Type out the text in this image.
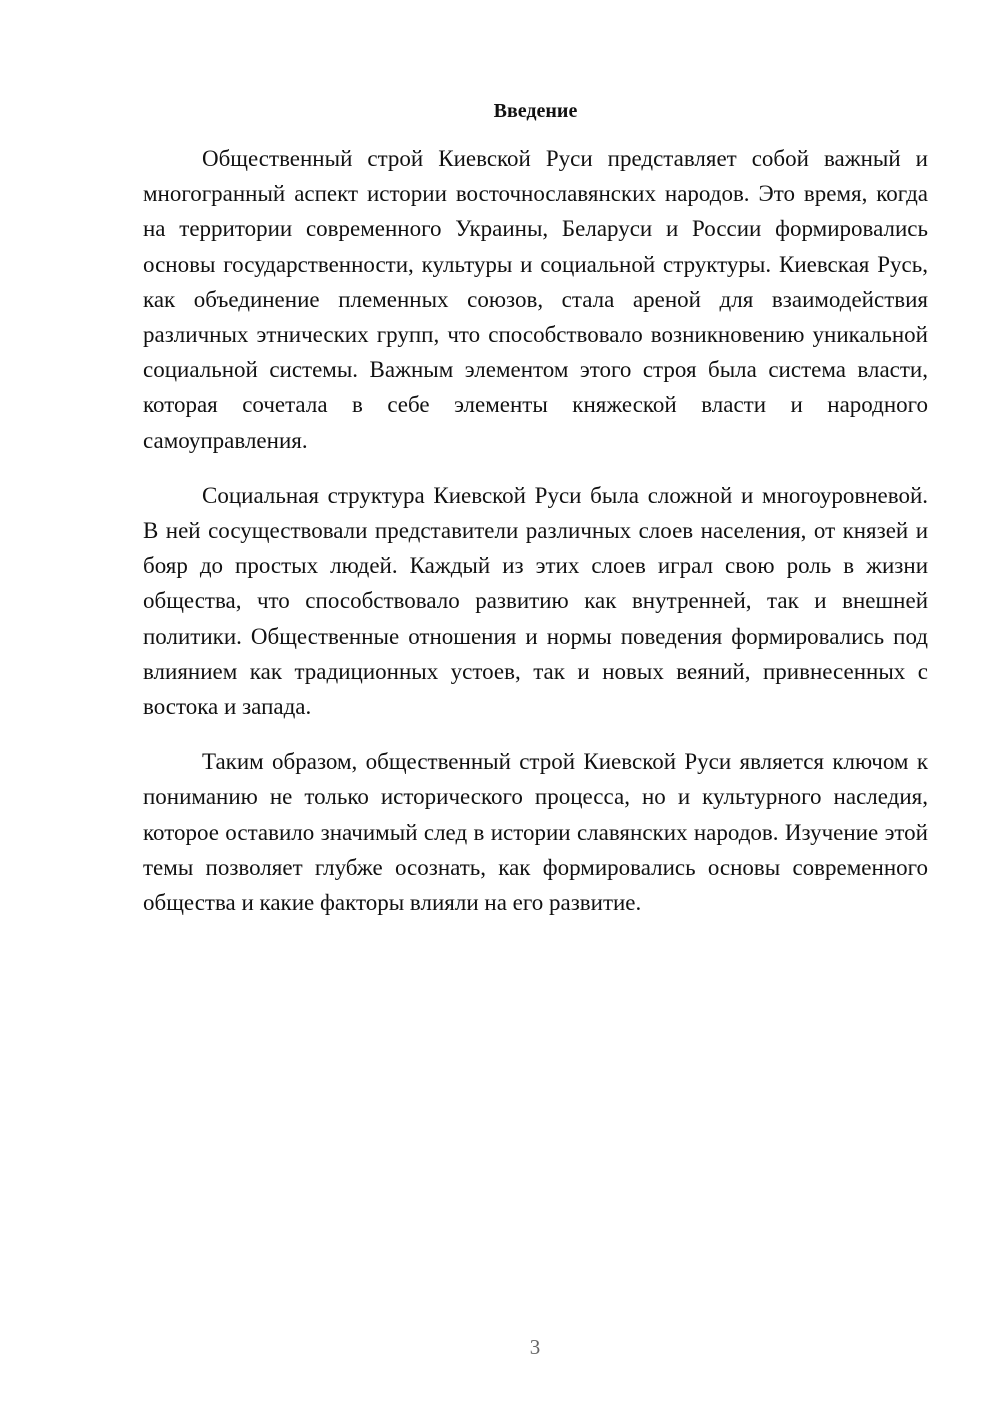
Введение

Общественный строй Киевской Руси представляет собой важный и многогранный аспект истории восточнославянских народов. Это время, когда на территории современного Украины, Беларуси и России формировались основы государственности, культуры и социальной структуры. Киевская Русь, как объединение племенных союзов, стала ареной для взаимодействия различных этнических групп, что способствовало возникновению уникальной социальной системы. Важным элементом этого строя была система власти, которая сочетала в себе элементы княжеской власти и народного самоуправления.

Социальная структура Киевской Руси была сложной и многоуровневой. В ней сосуществовали представители различных слоев населения, от князей и бояр до простых людей. Каждый из этих слоев играл свою роль в жизни общества, что способствовало развитию как внутренней, так и внешней политики. Общественные отношения и нормы поведения формировались под влиянием как традиционных устоев, так и новых веяний, привнесенных с востока и запада.

Таким образом, общественный строй Киевской Руси является ключом к пониманию не только исторического процесса, но и культурного наследия, которое оставило значимый след в истории славянских народов. Изучение этой темы позволяет глубже осознать, как формировались основы современного общества и какие факторы влияли на его развитие.

3
